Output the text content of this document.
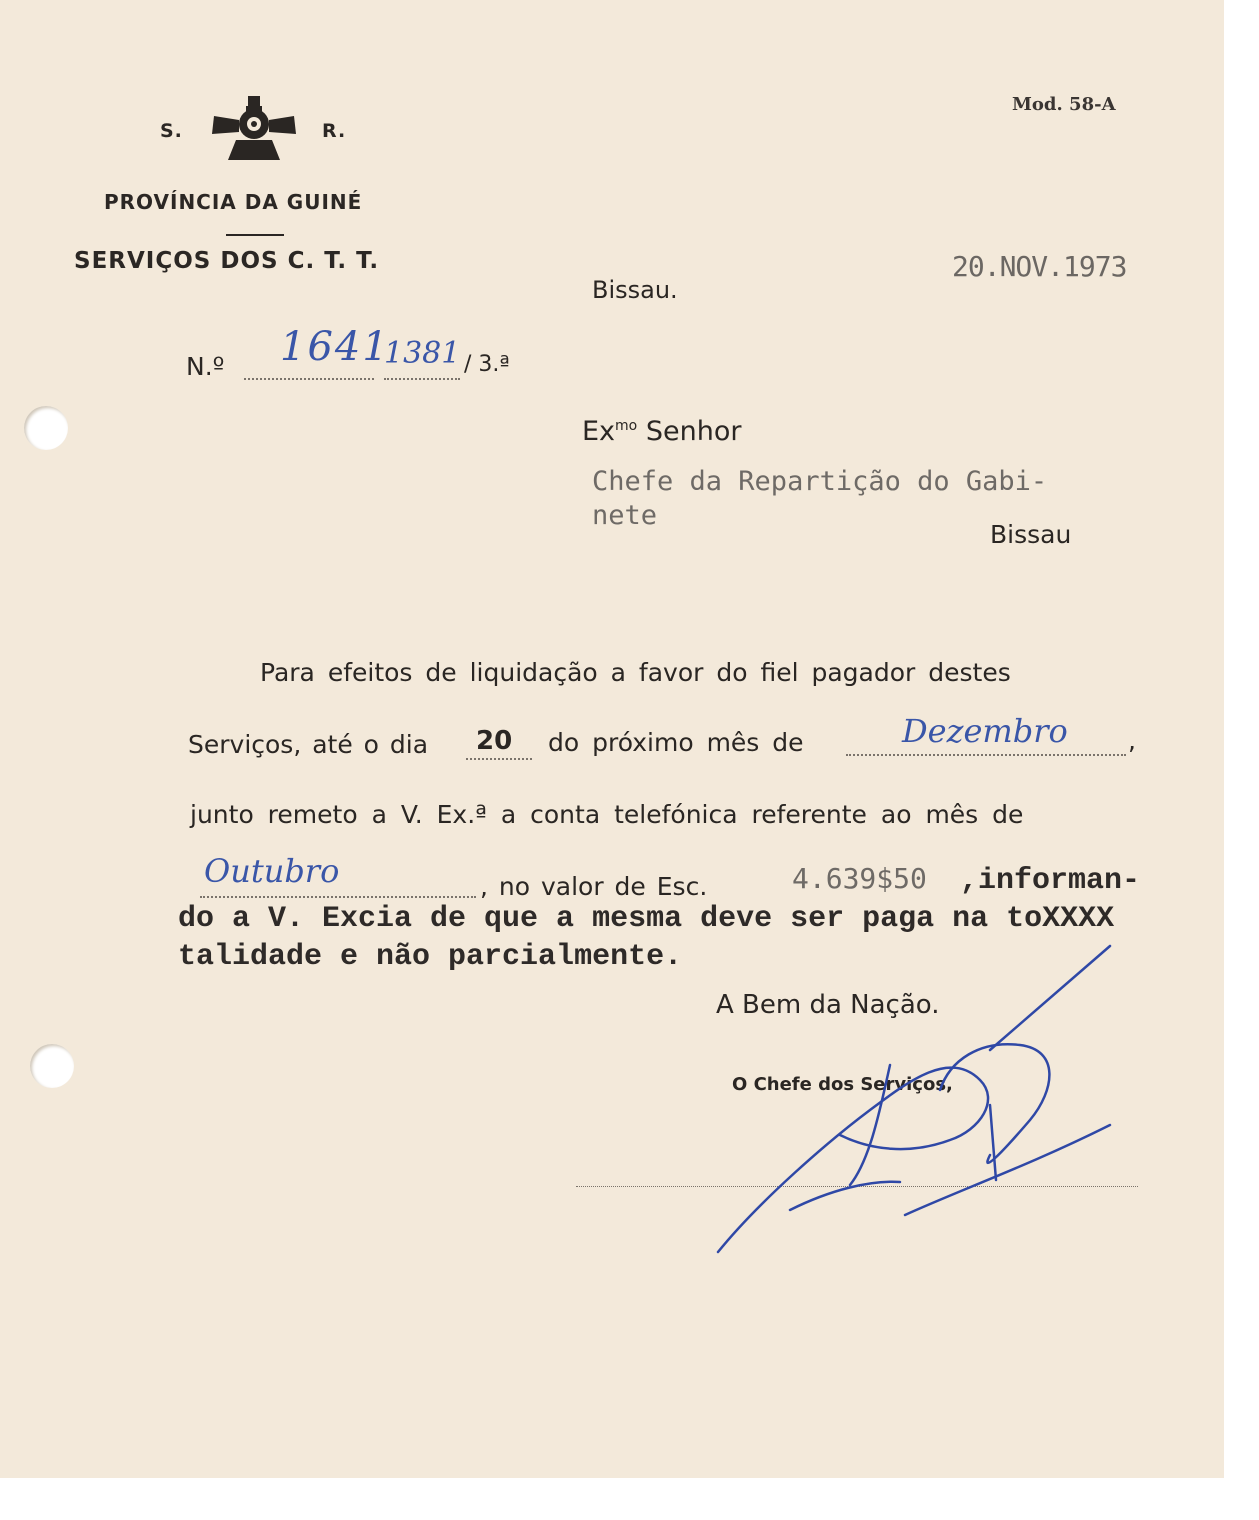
S.	R.
PROVÍNCIA DA GUINÉ
SERVIÇOS DOS C. T. T.
Mod. 58-A
20.NOV.1973
Bissau.
N.º 1641
1381 / 3.ª
$Ex^{mo}$ Senhor
Chefe da Repartição do Gabi-
nete
Bissau
Para efeitos de liquidação a favor do fiel pagador destes
Serviços, até o dia 20 do próximo mês de	Dezembro ,
junto remeto a V. Ex.ª a conta telefónica referente ao mês de
Outubro	, no valor de Esc.	4.639$50 ,informan-
do a V. Excia de que a mesma deve ser paga na toXXXX
talidade e não parcialmente.
A Bem da Nação.
O Chefe dos Serviços,
